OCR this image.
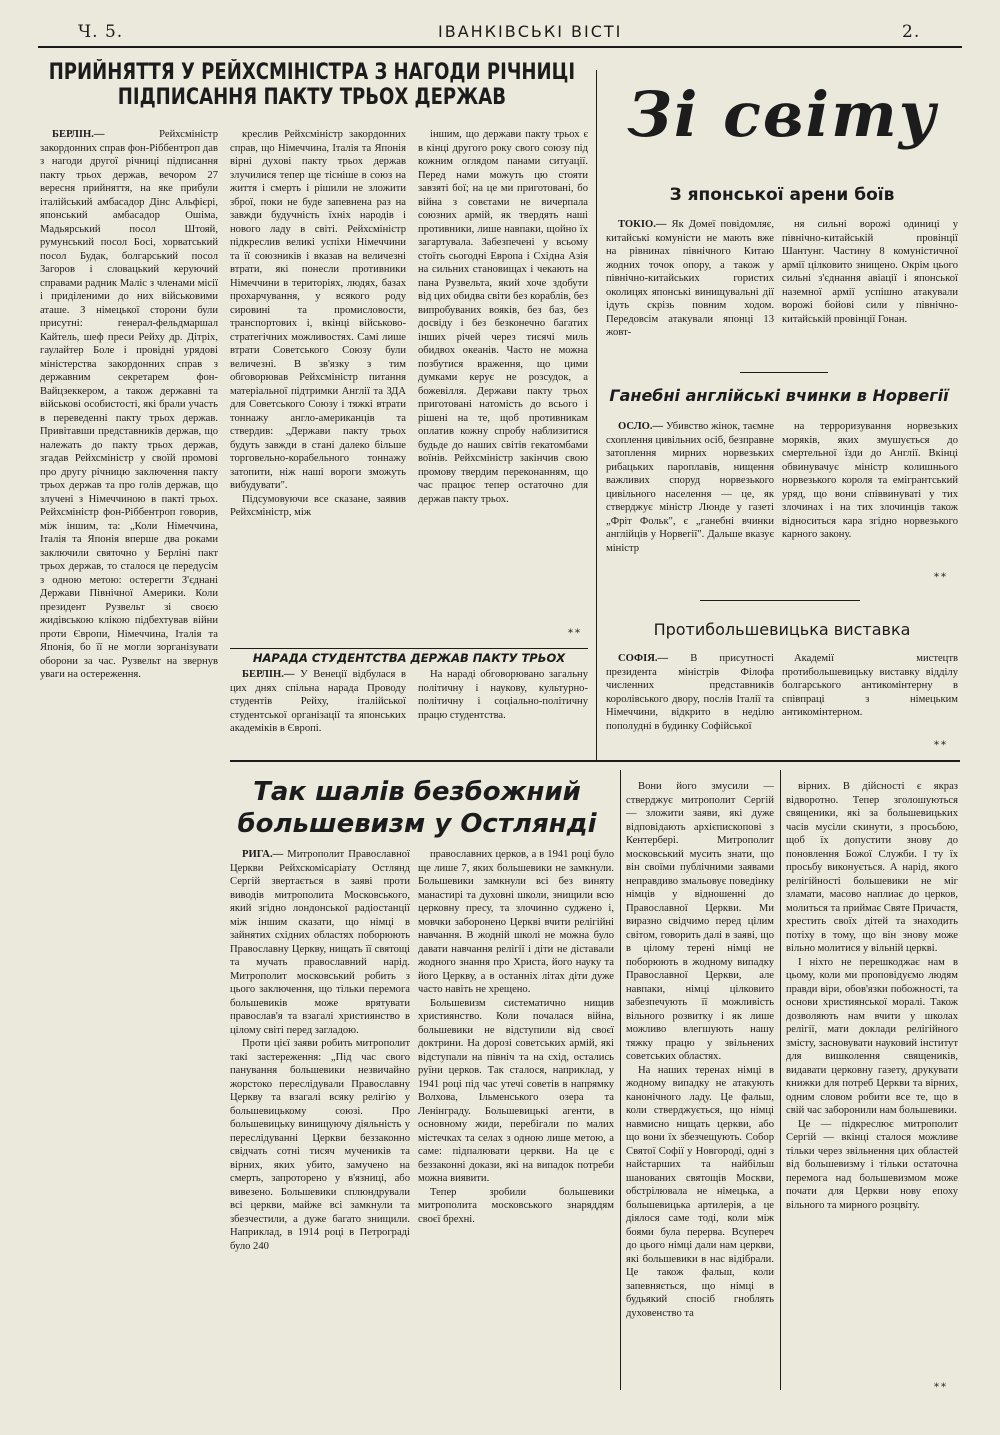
Ч. 5.	ІВАНКІВСЬКІ ВІСТІ	2.
ПРИЙНЯТТЯ У РЕЙХСМІНІСТРА З НАГОДИ РІЧНИЦІ
ПІДПИСАННЯ ПАКТУ ТРЬОХ ДЕРЖАВ

БЕРЛІН.—	Рейхсміністр закордонних справ фон-Ріббентроп дав з нагоди другої річниці підписання пакту трьох держав, вечором 27 вересня прийняття, на яке прибули італійський амбасадор Дінс Альфієрі, японський амбасадор Ошіма, Мадьярський посол Штояй, румунський посол Босі, хорватський посол Будак, болгарський посол Загоров і словацький керуючий справами радник Маліс з членами місії і приділеними до них військовими аташе. З німецької сторони були присутні: генерал-фельдмаршал Кайтель, шеф преси Рейху др. Дітріх, гаулайтер Боле і провідні урядові міністерства закордонних справ з державним секретарем фон-Вайцзеккером, а також державні та військові особистості, які брали участь в переведенні пакту трьох держав. Привітавши представників держав, що належать до пакту трьох держав, згадав Рейхсміністр у своїй промові про другу річницю заключення пакту трьох держав та про голів держав, що злучені з Німеччиною в пакті трьох. Рейхсміністр фон-Ріббентроп говорив, між іншим, та: „Коли Німеччина, Італія та Японія вперше два роками заключили святочно у Берліні пакт трьох держав, то сталося це передусім з одною метою: остерегти З'єднані Держави Північної Америки. Коли президент Рузвельт зі своєю жидівською клікою підбехтував війни проти Європи, Німеччина, Італія та Японія, бо її не могли зорганізувати оборони за час. Рузвельт на звернув уваги на остереження.

креслив Рейхсміністр закордонних справ, що Німеччина, Італія та Японія вірні духові пакту трьох держав злучилися тепер ще тісніше в союз на життя і смерть і рішили не зложити зброї, поки не буде запевнена раз на завжди будучність їхніх народів і нового ладу в світі. Рейхсміністр підкреслив великі успіхи Німеччини та її союзників і вказав на величезні втрати, які понесли противники Німеччини в територіях, людях, базах прохарчування, у всякого роду сировині та промисловости, транспортових і, вкінці військово-стратегічних можливостях. Самі лише втрати Советського Союзу були величезні. В зв'язку з тим обговорював Рейхсміністр питання матеріальної підтримки Англії та ЗДА для Советського Союзу і тяжкі втрати тоннажу англо-американців та ствердив: „Держави пакту трьох будуть завжди в стані далеко більше торговельно-корабельного тоннажу затопити, ніж наші вороги зможуть вибудувати".

Підсумовуючи все сказане, заявив Рейхсміністр, між

іншим, що держави пакту трьох є в кінці другого року свого союзу під кожним оглядом панами ситуації. Перед нами можуть цю стояти завзяті бої; на це ми приготовані, бо війна з совєтами не вичерпала союзних армій, як твердять наші противники, лише навпаки, щойно їх загартувала. Забезпечені у всьому стоїть сьогодні Европа і Східна Азія на сильних становищах і чекають на пана Рузвельта, який хоче здобути від цих обидва світи без кораблів, без випробуваних вояків, без баз, без досвіду і без безконечно багатих інших річей через тисячі миль обидвох океанів. Часто не можна позбутися враження, що цими думками керує не розсудок, а божевілля. Держави пакту трьох приготовані натомість до всього і рішені на те, щоб противникам оплатив кожну спробу наблизитися будьде до наших світів гекатомбами воїнів. Рейхсміністр закінчив свою промову твердим переконанням, що час працює тепер остаточно для держав пакту трьох.

**
НАРАДА СТУДЕНТСТВА ДЕРЖАВ ПАКТУ ТРЬОХ

БЕРЛІН.— У Венеції відбулася в цих днях спільна нарада Проводу студентів Рейху, італійської студентської організації та японських академіків в Європі.

На нараді обговорювано загальну політичну і наукову, культурно-політичну і соціально-політичну працю студентства.

Зі світу
З японської арени боїв

ТОКІО.— Як Домеї повідомляє, китайські комуністи не мають вже на рівнинах північного Китаю жодних точок опору, а також у північно-китайських гористих околицях японські винищувальні дії ідуть скрізь повним ходом. Передовсім атакували японці 13 жовт-

ня сильні ворожі одиниці у північно-китайській провінції Шантунг. Частину 8 комуністичної армії цілковито знищено. Окрім цього сильні з'єднання авіації і японської наземної армії успішно атакували ворожі бойові сили у північно-китайській провінції Гонан.

Ганебні англійські вчинки в Норвегії

ОСЛО.— Убивство жінок, таємне схоплення цивільних осіб, безправне затоплення мирних норвезьких рибацьких пароплавів, нищення важливих споруд норвезького цивільного населення — це, як стверджує міністр Люнде у газеті „Фріт Фольк", є „ганебні вчинки англійців у Норвегії". Дальше вказує міністр

на терроризування норвезьких моряків, яких змушується до смертельної їзди до Англії. Вкінці обвинувачує міністр колишнього норвезького короля та емігрантський уряд, що вони співвинуваті у тих злочинах і на тих злочинців також відноситься кара згідно норвезького карного закону.

**
Протибольшевицька виставка

СОФІЯ.— В присутності президента міністрів Філофа численних представників королівського двору, послів Італії та Німеччини, відкрито в неділю пополудні в будинку Софійської

Академії мистецтв протибольшевицьку виставку відділу болгарського антикомінтерну в співпраці з німецьким антикомінтерном.

**
Так шалів безбожний
большевизм у Остлянді

РИГА.— Митрополит Православної Церкви Рейхскомісаріату Остлянд Сергій звертається в заяві проти виводів митрополита Московського, який згідно лондонської радіостанції між іншим сказати, що німці в зайнятих східних областях поборюють Православну Церкву, нищать її святощі та мучать православний нарід. Митрополит московський робить з цього заключення, що тільки перемога большевиків може врятувати православ'я та взагалі християнство в цілому світі перед загладою.

Проти цієї заяви робить митрополит такі застереження: „Під час свого панування большевики незвичайно жорстоко переслідували Православну Церкву та взагалі всяку релігію у большевицькому союзі. Про большевицьку винищуючу діяльність у переслідуванні Церкви беззаконно свідчать сотні тисяч мучеників та вірних, яких убито, замучено на смерть, запроторено у в'язниці, або вивезено. Большевики сплюндрували всі церкви, майже всі замкнули та збезчестили, а дуже багато знищили. Наприклад, в 1914 році в Петрограді було 240

православних церков, а в 1941 році було ще лише 7, яких большевики не замкнули. Большевики замкнули всі без виняту манастирі та духовні школи, знищили всю церковну пресу, та злочинно суджено і, мовчки заборонено Церкві вчити релігійні навчання. В жодній школі не можна було давати навчання релігії і діти не діставали жодного знання про Христа, його науку та його Церкву, а в останніх літах діти дуже часто навіть не хрещено.

Большевизм систематично нищив християнство. Коли почалася війна, большевики не відступили від своєї доктрини. На дорозі советських армій, які відступали на північ та на схід, остались руїни церков. Так сталося, наприклад, у 1941 році під час утечі советів в напрямку Волхова, Ільменського озера та Ленінграду. Большевицькі агенти, в основному жиди, перебігали по малих містечках та селах з одною лише метою, а саме: підпалювати церкви. На це є беззаконні докази, які на випадок потреби можна виявити.

Тепер зробили большевики митрополита московського знаряддям своєї брехні.

Вони його змусили — стверджує митрополит Сергій — зложити заяви, які дуже відповідають архієпископові з Кентербері. Митрополит московський мусить знати, що він своїми публічними заявами неправдиво змальовує поведінку німців у відношенні до Православної Церкви. Ми виразно свідчимо перед цілим світом, говорить далі в заяві, що в цілому терені німці не поборюють в жодному випадку Православної Церкви, але навпаки, німці цілковито забезпечують її можливість вільного розвитку і як лише можливо влегшують нашу тяжку працю у звільнених советських областях.

На наших теренах німці в жодному випадку не атакують канонічного ладу. Це фальш, коли стверджується, що німці навмисно нищать церкви, або що вони їх збезчещують. Собор Святої Софії у Новгороді, одні з найстарших та найбільш шанованих святощів Москви, обстрілювала не німецька, а большевицька артилерія, а це діялося саме тоді, коли між боями була перерва. Всупереч до цього німці дали нам церкви, які большевики в нас відібрали. Це також фальш, коли запевняється, що німці в будьякий спосіб гноблять духовенство та

вірних. В дійсності є якраз відворотно. Тепер зголошуються священики, які за большевицьких часів мусіли скинути, з просьбою, щоб їх допустити знову до поновлення Божої Служби. І ту їх просьбу виконується. А нарід, якого релігійності большевики не міг зламати, масово наплиає до церков, молиться та приймає Святе Причастя, хрестить своїх дітей та знаходить потіху в тому, що він знову може вільно молитися у вільній церкві.

І ніхто не перешкоджає нам в цьому, коли ми проповідуємо людям правди віри, обов'язки побожності, та основи християнської моралі. Також дозволяють нам вчити у школах релігії, мати доклади релігійного змісту, засновувати науковий інститут для вишколення священиків, видавати церковну газету, друкувати книжки для потреб Церкви та вірних, одним словом робити все те, що в свій час заборонили нам большевики.

Це — підкреслює митрополит Сергій — вкінці сталося можливе тільки через звільнення цих областей від большевизму і тільки остаточна перемога над большевизмом може почати для Церкви нову епоху вільного та мирного розцвіту.

**
